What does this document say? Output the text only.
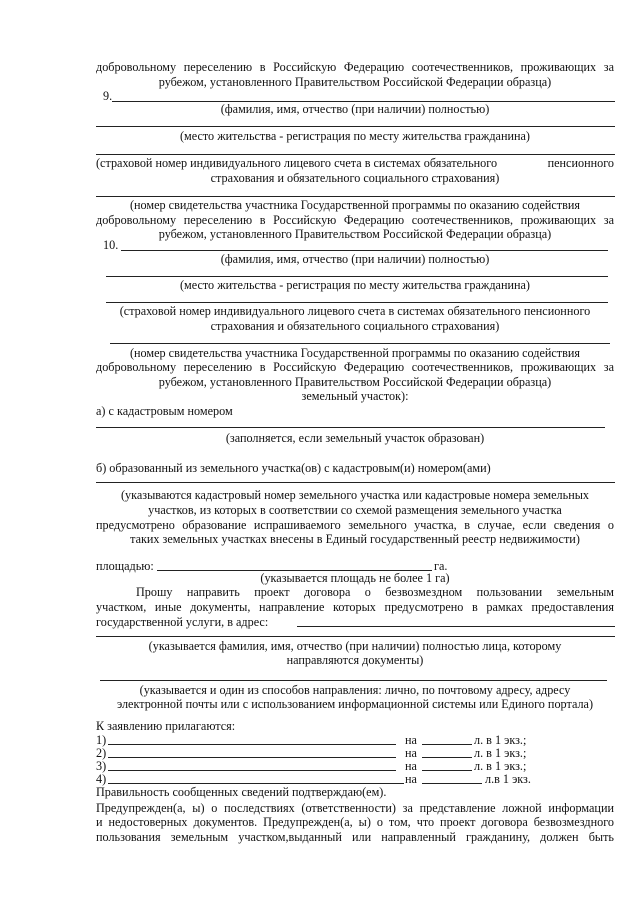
добровольному переселению в Российскую Федерацию соотечественников, проживающих за
рубежом, установленного Правительством Российской Федерации образца)
9.
(фамилия, имя, отчество (при наличии) полностью)
(место жительства - регистрация по месту жительства гражданина)
(страховой номер индивидуального лицевого счета в системах обязательного	пенсионного
страхования и обязательного социального страхования)
(номер свидетельства участника Государственной программы по оказанию содействия
добровольному переселению в Российскую Федерацию соотечественников, проживающих за
рубежом, установленного Правительством Российской Федерации образца)
10.
(фамилия, имя, отчество (при наличии) полностью)
(место жительства - регистрация по месту жительства гражданина)
(страховой номер индивидуального лицевого счета в системах обязательного пенсионного
страхования и обязательного социального страхования)
(номер свидетельства участника Государственной программы по оказанию содействия
добровольному переселению в Российскую Федерацию соотечественников, проживающих за
рубежом, установленного Правительством Российской Федерации образца)
земельный участок):
а) с кадастровым номером
(заполняется, если земельный участок образован)
б) образованный из земельного участка(ов) с кадастровым(и) номером(ами)
(указываются кадастровый номер земельного участка или кадастровые номера земельных
участков, из которых в соответствии со схемой размещения земельного участка
предусмотрено образование испрашиваемого земельного участка, в случае, если сведения о
таких земельных участках внесены в Единый государственный реестр недвижимости)
площадью:	га.
(указывается площадь не более 1 га)
Прошу направить проект договора о безвозмездном пользовании земельным
участком, иные документы, направление которых предусмотрено в рамках предоставления
государственной услуги, в адрес:
(указывается фамилия, имя, отчество (при наличии) полностью лица, которому
направляются документы)
(указывается и один из способов направления: лично, по почтовому адресу, адресу
электронной почты или с использованием информационной системы или Единого портала)
К заявлению прилагаются:
1)	на	л. в 1 экз.;
2)	на	л. в 1 экз.;
3)	на	л. в 1 экз.;
4)	на	л.в 1 экз.
Правильность сообщенных сведений подтверждаю(ем).
Предупрежден(а, ы) о последствиях (ответственности) за представление ложной информации
и недостоверных документов. Предупрежден(а, ы) о том, что проект договора безвозмездного
пользования земельным участком,выданный или направленный гражданину, должен быть
